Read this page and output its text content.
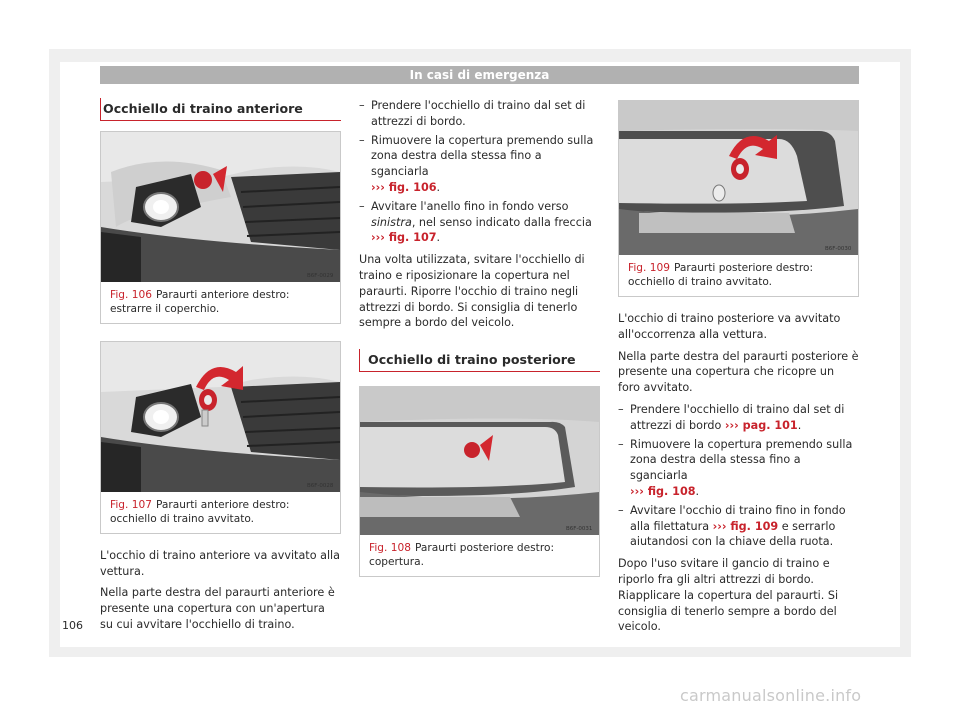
In casi di emergenza
Occhiello di traino anteriore
B6F-0029
Fig. 106 Paraurti anteriore destro: estrarre il coperchio.
B6F-0028
Fig. 107 Paraurti anteriore destro: occhiello di traino avvitato.

L'occhio di traino anteriore va avvitato alla vettura.

Nella parte destra del paraurti anteriore è presente una copertura con un'apertura su cui avvitare l'occhiello di traino.

– Prendere l'occhiello di traino dal set di attrezzi di bordo.
– Rimuovere la copertura premendo sulla zona destra della stessa fino a sganciarla
››› fig. 106.
– Avvitare l'anello fino in fondo verso sinistra, nel senso indicato dalla freccia
››› fig. 107.

Una volta utilizzata, svitare l'occhiello di traino e riposizionare la copertura nel paraurti. Riporre l'occhio di traino negli attrezzi di bordo. Si consiglia di tenerlo sempre a bordo del veicolo.

Occhiello di traino posteriore
B6F-0031
Fig. 108 Paraurti posteriore destro: copertura.
B6F-0030
Fig. 109 Paraurti posteriore destro: occhiello di traino avvitato.

L'occhio di traino posteriore va avvitato all'occorrenza alla vettura.

Nella parte destra del paraurti posteriore è presente una copertura che ricopre un foro avvitato.

– Prendere l'occhiello di traino dal set di attrezzi di bordo ››› pag. 101.
– Rimuovere la copertura premendo sulla zona destra della stessa fino a sganciarla
››› fig. 108.
– Avvitare l'occhio di traino fino in fondo alla filettatura ››› fig. 109 e serrarlo aiutandosi con la chiave della ruota.

Dopo l'uso svitare il gancio di traino e riporlo fra gli altri attrezzi di bordo. Riapplicare la copertura del paraurti. Si consiglia di tenerlo sempre a bordo del veicolo.

106
carmanualsonline.info
